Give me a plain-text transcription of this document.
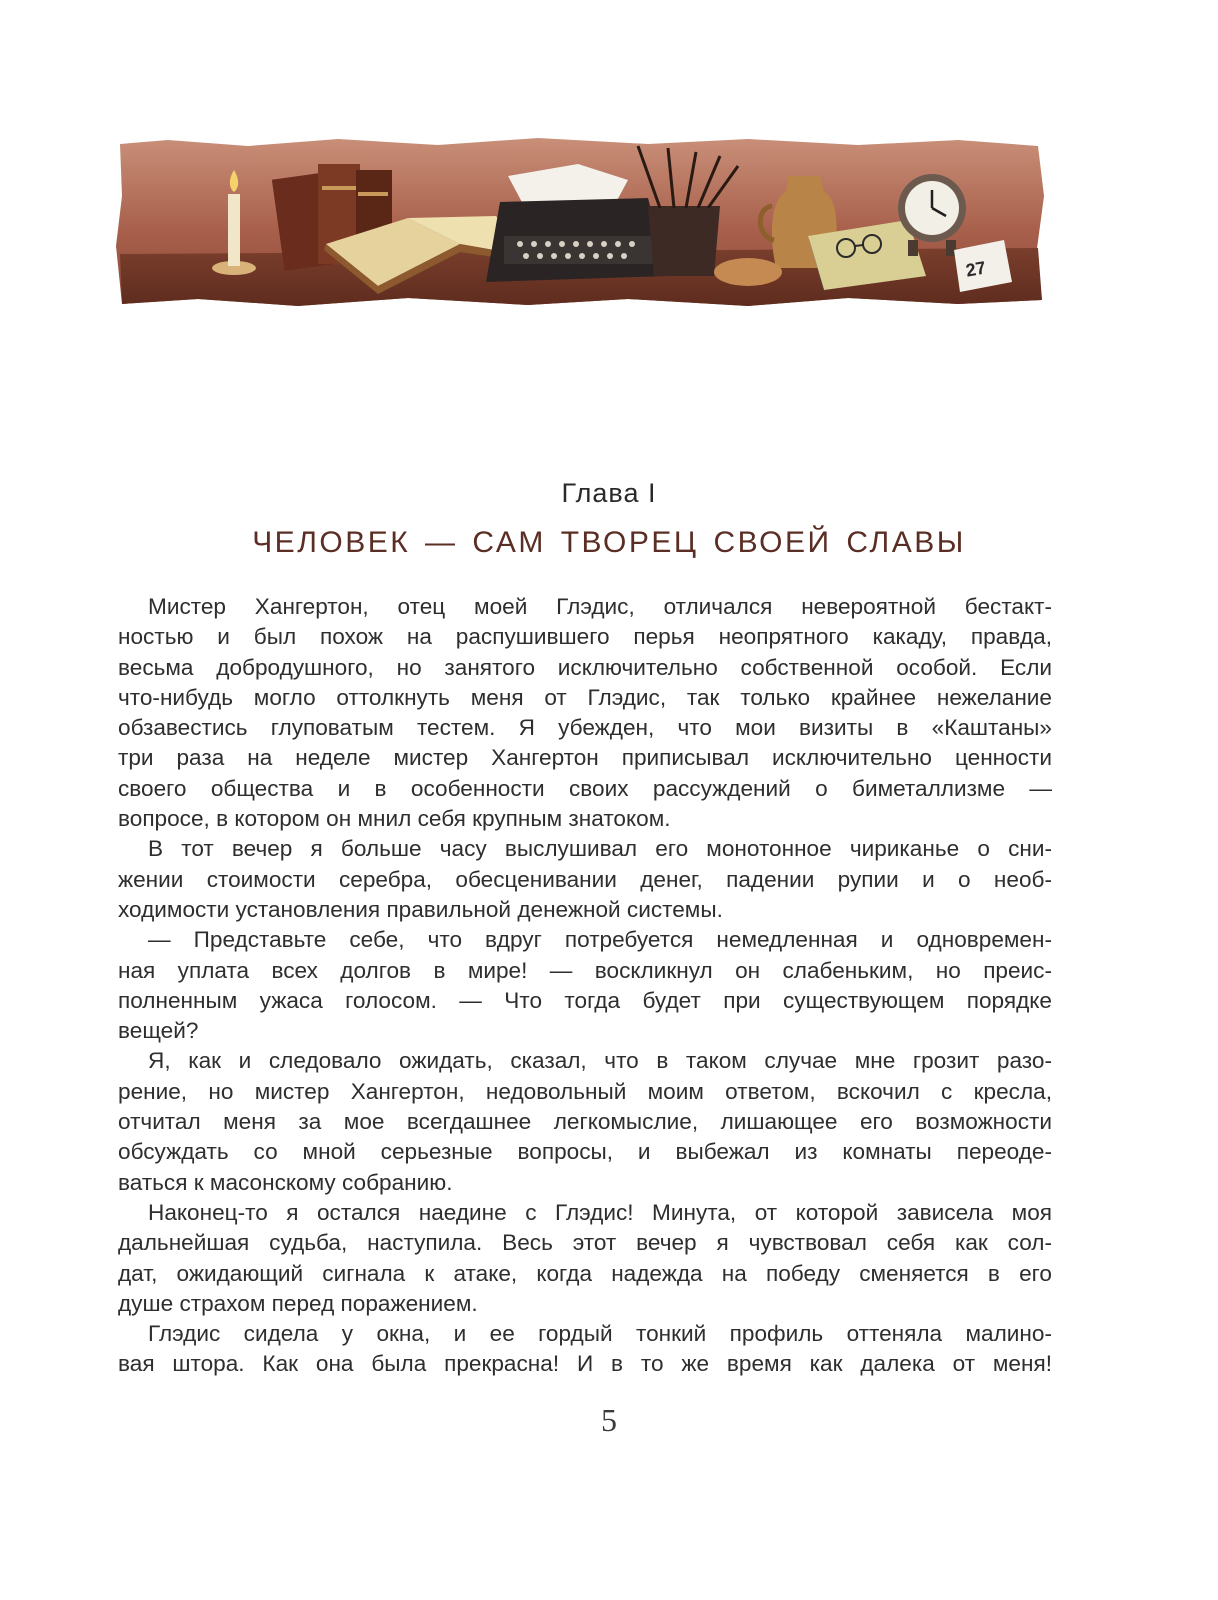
27
Глава I
ЧЕЛОВЕК — САМ ТВОРЕЦ СВОЕЙ СЛАВЫ
Мистер Хангертон, отец моей Глэдис, отличался невероятной бестакт-
ностью и был похож на распушившего перья неопрятного какаду, правда,
весьма добродушного, но занятого исключительно собственной особой. Если
что-нибудь могло оттолкнуть меня от Глэдис, так только крайнее нежелание
обзавестись глуповатым тестем. Я убежден, что мои визиты в «Каштаны»
три раза на неделе мистер Хангертон приписывал исключительно ценности
своего общества и в особенности своих рассуждений о биметаллизме —
вопросе, в котором он мнил себя крупным знатоком.
В тот вечер я больше часу выслушивал его монотонное чириканье о сни-
жении стоимости серебра, обесценивании денег, падении рупии и о необ-
ходимости установления правильной денежной системы.
— Представьте себе, что вдруг потребуется немедленная и одновремен-
ная уплата всех долгов в мире! — воскликнул он слабеньким, но преис-
полненным ужаса голосом. — Что тогда будет при существующем порядке
вещей?
Я, как и следовало ожидать, сказал, что в таком случае мне грозит разо-
рение, но мистер Хангертон, недовольный моим ответом, вскочил с кресла,
отчитал меня за мое всегдашнее легкомыслие, лишающее его возможности
обсуждать со мной серьезные вопросы, и выбежал из комнаты переоде-
ваться к масонскому собранию.
Наконец-то я остался наедине с Глэдис! Минута, от которой зависела моя
дальнейшая судьба, наступила. Весь этот вечер я чувствовал себя как сол-
дат, ожидающий сигнала к атаке, когда надежда на победу сменяется в его
душе страхом перед поражением.
Глэдис сидела у окна, и ее гордый тонкий профиль оттеняла малино-
вая штора. Как она была прекрасна! И в то же время как далека от меня!
5
